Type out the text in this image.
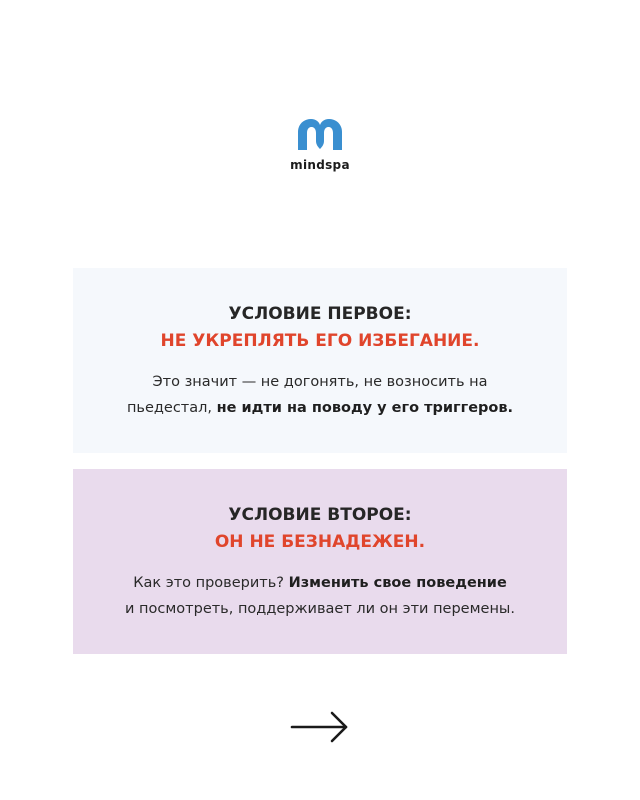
mindspa

УСЛОВИЕ ПЕРВОЕ:

НЕ УКРЕПЛЯТЬ ЕГО ИЗБЕГАНИЕ.

Это значит — не догонять, не возносить на
пьедестал, не идти на поводу у его триггеров.

УСЛОВИЕ ВТОРОЕ:

ОН НЕ БЕЗНАДЕЖЕН.

Как это проверить? Изменить свое поведение
и посмотреть, поддерживает ли он эти перемены.
